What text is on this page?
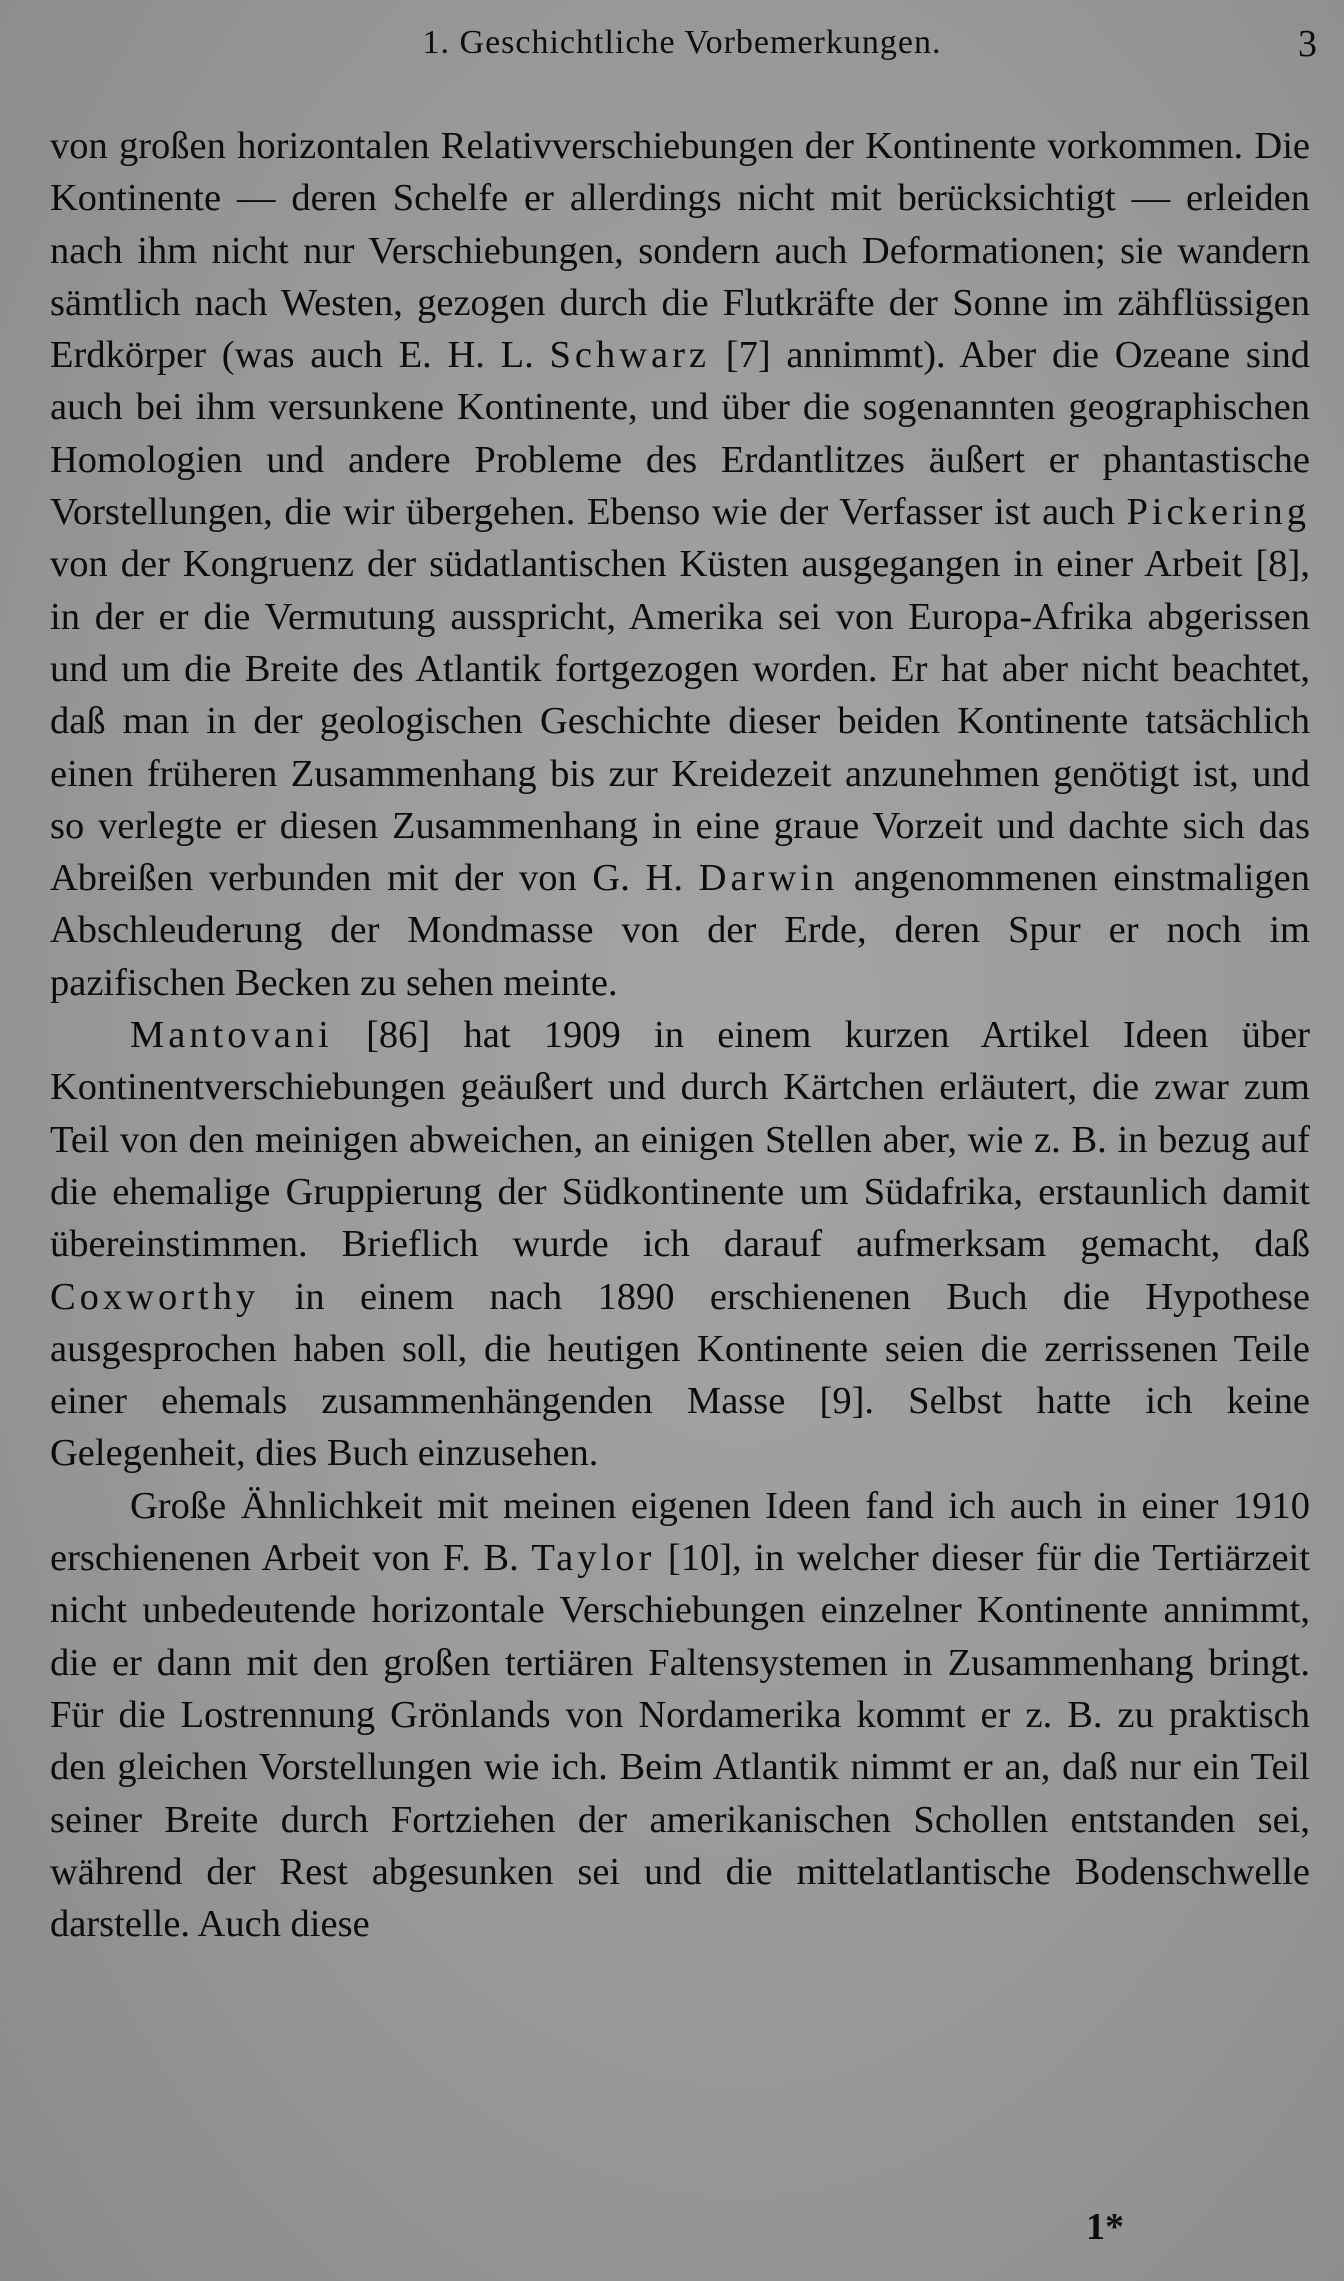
1. Geschichtliche Vorbemerkungen.	3

von großen horizontalen Relativverschiebungen der Kontinente vorkommen. Die Kontinente — deren Schelfe er allerdings nicht mit berücksichtigt — erleiden nach ihm nicht nur Verschiebungen, sondern auch Deformationen; sie wandern sämtlich nach Westen, gezogen durch die Flutkräfte der Sonne im zähflüssigen Erdkörper (was auch E. H. L. Schwarz [7] annimmt). Aber die Ozeane sind auch bei ihm versunkene Kontinente, und über die sogenannten geographischen Homologien und andere Probleme des Erdantlitzes äußert er phantastische Vorstellungen, die wir übergehen. Ebenso wie der Verfasser ist auch Pickering von der Kongruenz der südatlantischen Küsten ausgegangen in einer Arbeit [8], in der er die Vermutung ausspricht, Amerika sei von Europa-Afrika abgerissen und um die Breite des Atlantik fortgezogen worden. Er hat aber nicht beachtet, daß man in der geologischen Geschichte dieser beiden Kontinente tatsächlich einen früheren Zusammenhang bis zur Kreidezeit anzunehmen genötigt ist, und so verlegte er diesen Zusammenhang in eine graue Vorzeit und dachte sich das Abreißen verbunden mit der von G. H. Darwin angenommenen einstmaligen Abschleuderung der Mondmasse von der Erde, deren Spur er noch im pazifischen Becken zu sehen meinte.

Mantovani [86] hat 1909 in einem kurzen Artikel Ideen über Kontinentverschiebungen geäußert und durch Kärtchen erläutert, die zwar zum Teil von den meinigen abweichen, an einigen Stellen aber, wie z. B. in bezug auf die ehemalige Gruppierung der Südkontinente um Südafrika, erstaunlich damit übereinstimmen. Brieflich wurde ich darauf aufmerksam gemacht, daß Coxworthy in einem nach 1890 erschienenen Buch die Hypothese ausgesprochen haben soll, die heutigen Kontinente seien die zerrissenen Teile einer ehemals zusammenhängenden Masse [9]. Selbst hatte ich keine Gelegenheit, dies Buch einzusehen.

Große Ähnlichkeit mit meinen eigenen Ideen fand ich auch in einer 1910 erschienenen Arbeit von F. B. Taylor [10], in welcher dieser für die Tertiärzeit nicht unbedeutende horizontale Verschiebungen einzelner Kontinente annimmt, die er dann mit den großen tertiären Faltensystemen in Zusammenhang bringt. Für die Lostrennung Grönlands von Nordamerika kommt er z. B. zu praktisch den gleichen Vorstellungen wie ich. Beim Atlantik nimmt er an, daß nur ein Teil seiner Breite durch Fortziehen der amerikanischen Schollen entstanden sei, während der Rest abgesunken sei und die mittelatlantische Bodenschwelle darstelle. Auch diese

1*
